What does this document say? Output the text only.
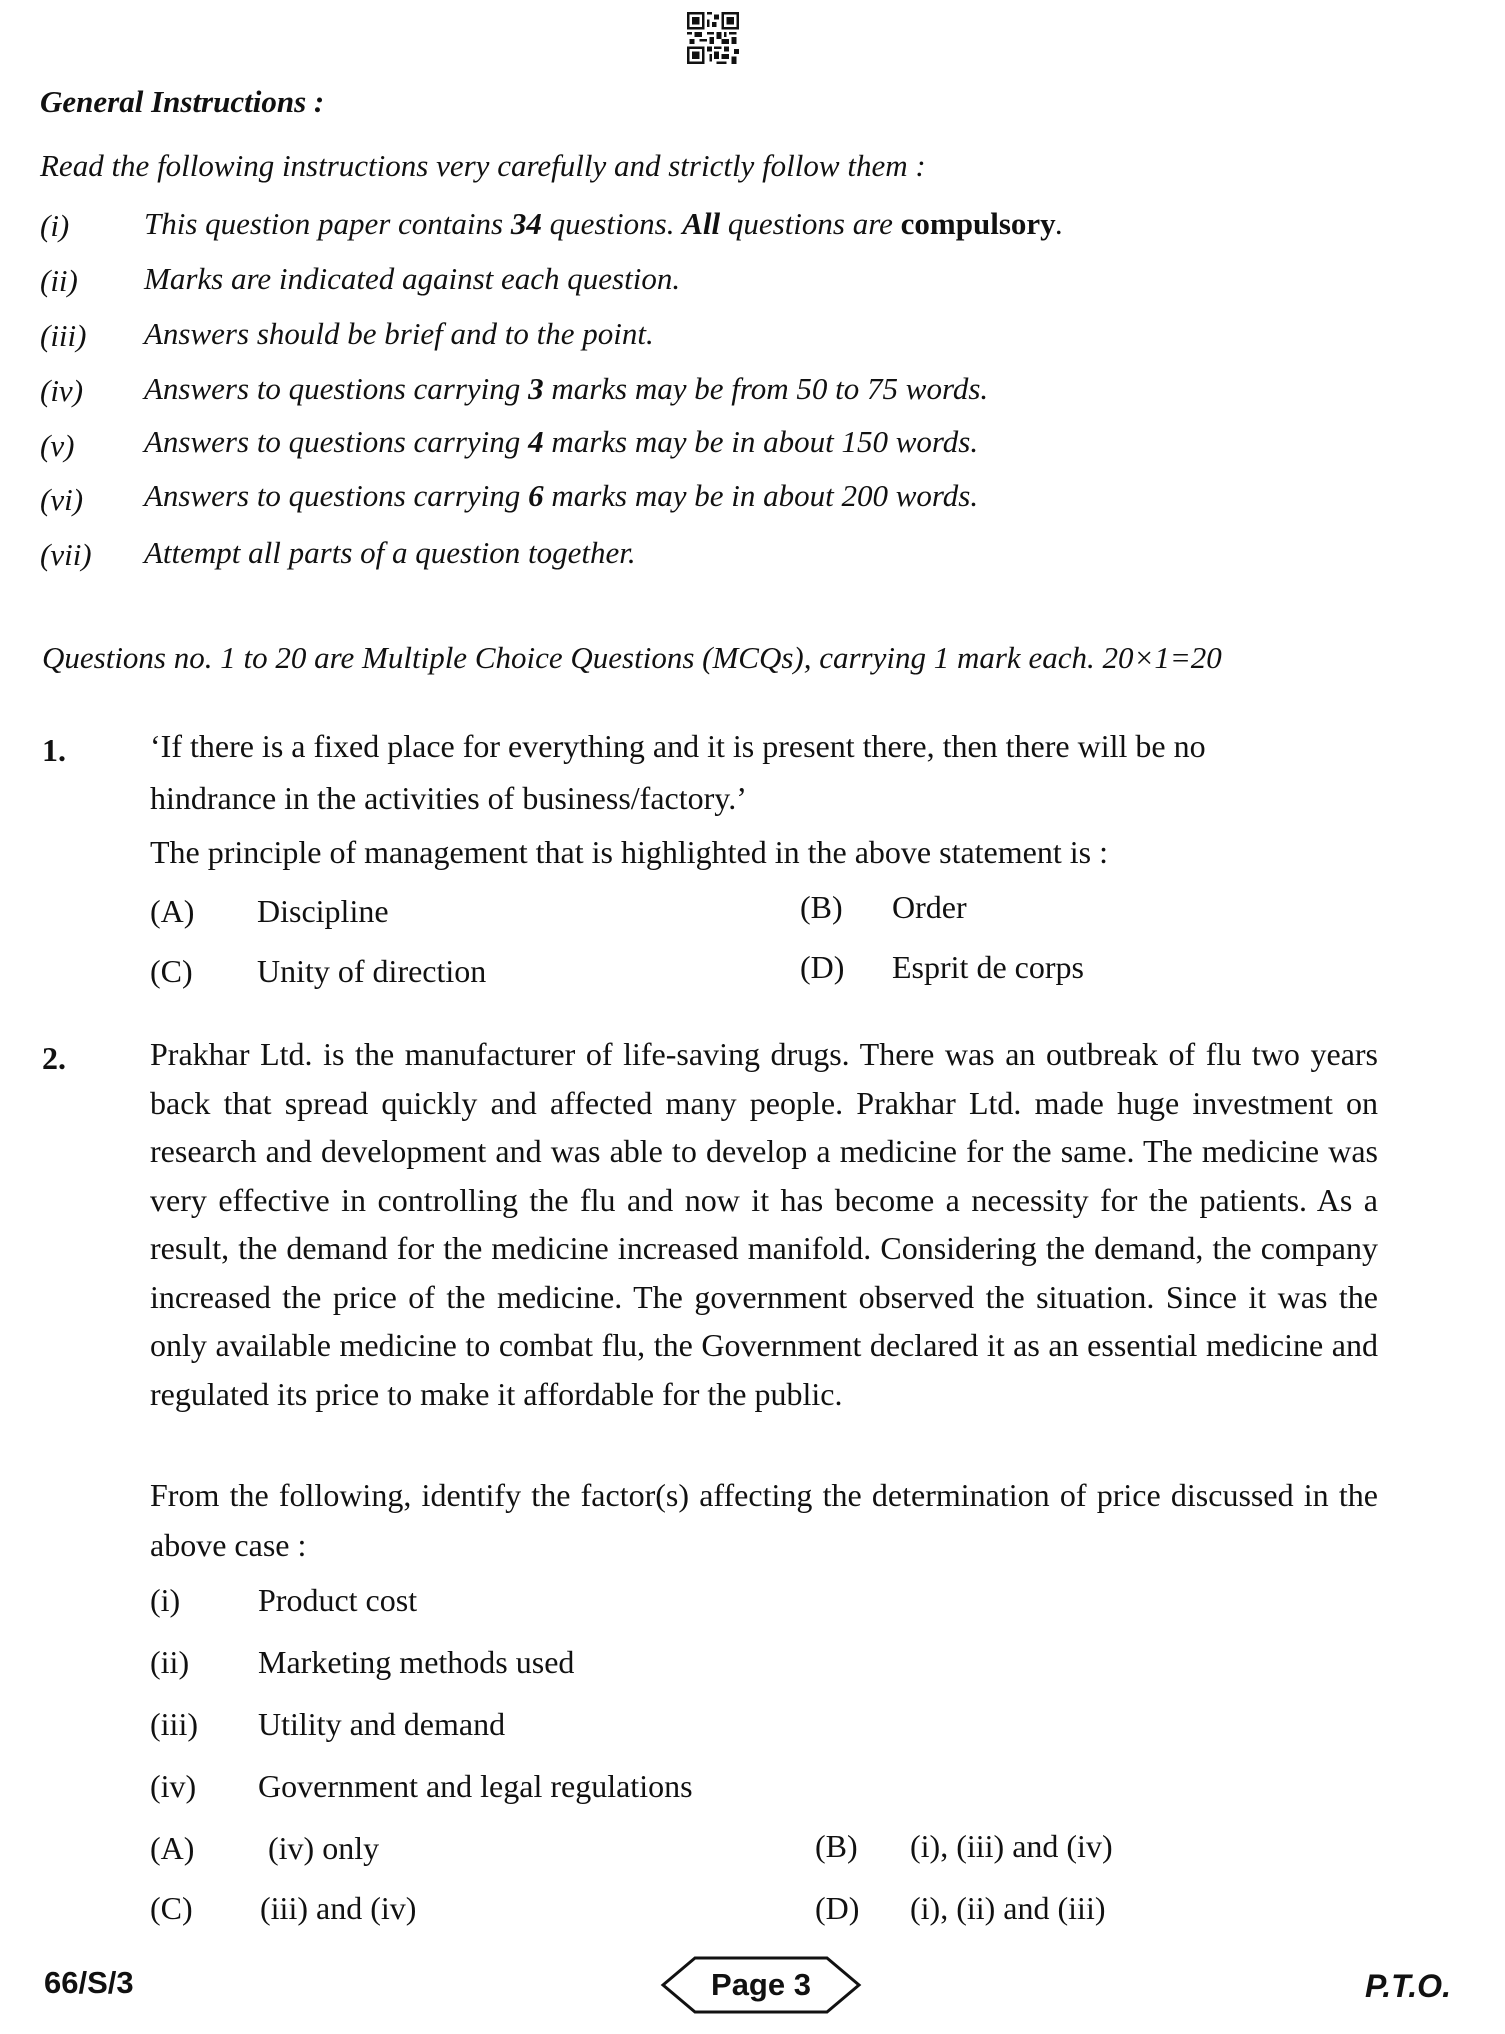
General Instructions :
Read the following instructions very carefully and strictly follow them :
(i) This question paper contains 34 questions. All questions are compulsory.
(ii) Marks are indicated against each question.
(iii) Answers should be brief and to the point.
(iv) Answers to questions carrying 3 marks may be from 50 to 75 words.
(v) Answers to questions carrying 4 marks may be in about 150 words.
(vi) Answers to questions carrying 6 marks may be in about 200 words.
(vii) Attempt all parts of a question together.
Questions no. 1 to 20 are Multiple Choice Questions (MCQs), carrying 1 mark each. 20×1=20
1.	‘If there is a fixed place for everything and it is present there, then there will be no
hindrance in the activities of business/factory.’
The principle of management that is highlighted in the above statement is :
(A) Discipline	(B) Order
(C) Unity of direction	(D) Esprit de corps
2.	Prakhar Ltd. is the manufacturer of life-saving drugs. There was an outbreak of flu two years back that spread quickly and affected many people. Prakhar Ltd. made huge investment on research and development and was able to develop a medicine for the same. The medicine was very effective in controlling the flu and now it has become a necessity for the patients. As a result, the demand for the medicine increased manifold. Considering the demand, the company increased the price of the medicine. The government observed the situation. Since it was the only available medicine to combat flu, the Government declared it as an essential medicine and regulated its price to make it affordable for the public.
From the following, identify the factor(s) affecting the determination of price discussed in the above case :
(i) Product cost
(ii) Marketing methods used
(iii) Utility and demand
(iv) Government and legal regulations
(A) (iv) only	(B) (i), (iii) and (iv)
(C) (iii) and (iv)	(D) (i), (ii) and (iii)
66/S/3	Page 3	P.T.O.
